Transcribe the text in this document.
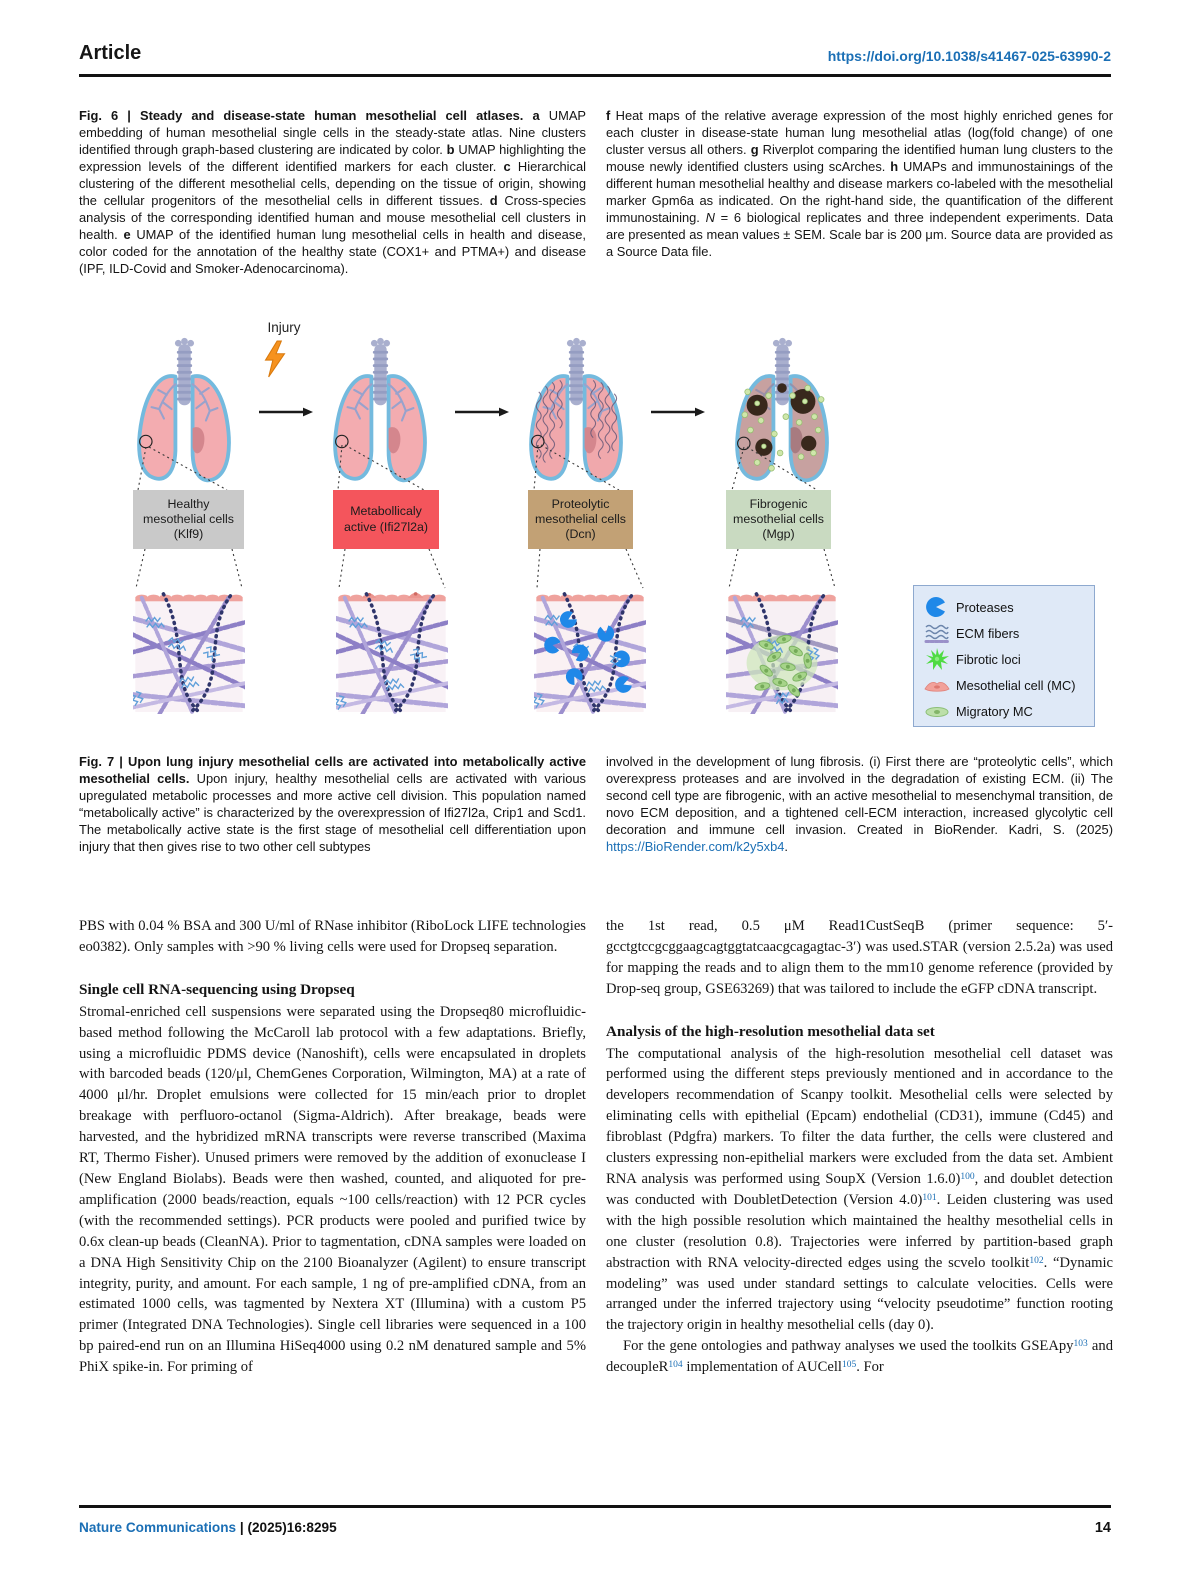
Article	https://doi.org/10.1038/s41467-025-63990-2

Fig. 6 | Steady and disease-state human mesothelial cell atlases. a UMAP embedding of human mesothelial single cells in the steady-state atlas. Nine clusters identified through graph-based clustering are indicated by color. b UMAP highlighting the expression levels of the different identified markers for each cluster. c Hierarchical clustering of the different mesothelial cells, depending on the tissue of origin, showing the cellular progenitors of the mesothelial cells in different tissues. d Cross-species analysis of the corresponding identified human and mouse mesothelial cell clusters in health. e UMAP of the identified human lung mesothelial cells in health and disease, color coded for the annotation of the healthy state (COX1+ and PTMA+) and disease (IPF, ILD-Covid and Smoker-Adenocarcinoma).

f Heat maps of the relative average expression of the most highly enriched genes for each cluster in disease-state human lung mesothelial atlas (log(fold change) of one cluster versus all others. g Riverplot comparing the identified human lung clusters to the mouse newly identified clusters using scArches. h UMAPs and immunostainings of the different human mesothelial healthy and disease markers co-labeled with the mesothelial marker Gpm6a as indicated. On the right-hand side, the quantification of the different immunostaining. N = 6 biological replicates and three independent experiments. Data are presented as mean values ± SEM. Scale bar is 200 μm. Source data are provided as a Source Data file.

Injury
Healthy mesothelial cells (Klf9)
Metabollicaly active (Ifi27l2a)
Proteolytic mesothelial cells (Dcn)
Fibrogenic mesothelial cells (Mgp)
Proteases
ECM fibers
Fibrotic loci
Mesothelial cell (MC)
Migratory MC

Fig. 7 | Upon lung injury mesothelial cells are activated into metabolically active mesothelial cells. Upon injury, healthy mesothelial cells are activated with various upregulated metabolic processes and more active cell division. This population named “metabolically active” is characterized by the overexpression of Ifi27l2a, Crip1 and Scd1. The metabolically active state is the first stage of mesothelial cell differentiation upon injury that then gives rise to two other cell subtypes

involved in the development of lung fibrosis. (i) First there are “proteolytic cells”, which overexpress proteases and are involved in the degradation of existing ECM. (ii) The second cell type are fibrogenic, with an active mesothelial to mesenchymal transition, de novo ECM deposition, and a tightened cell-ECM interaction, increased glycolytic cell decoration and immune cell invasion. Created in BioRender. Kadri, S. (2025) https://BioRender.com/k2y5xb4.

PBS with 0.04 % BSA and 300 U/ml of RNase inhibitor (RiboLock LIFE technologies eo0382). Only samples with >90 % living cells were used for Dropseq separation.

Single cell RNA-sequencing using Dropseq

Stromal-enriched cell suspensions were separated using the Dropseq80 microfluidic-based method following the McCaroll lab protocol with a few adaptations. Briefly, using a microfluidic PDMS device (Nanoshift), cells were encapsulated in droplets with barcoded beads (120/μl, ChemGenes Corporation, Wilmington, MA) at a rate of 4000 μl/hr. Droplet emulsions were collected for 15 min/each prior to droplet breakage with perfluoro-octanol (Sigma-Aldrich). After breakage, beads were harvested, and the hybridized mRNA transcripts were reverse transcribed (Maxima RT, Thermo Fisher). Unused primers were removed by the addition of exonuclease I (New England Biolabs). Beads were then washed, counted, and aliquoted for pre-amplification (2000 beads/reaction, equals ~100 cells/reaction) with 12 PCR cycles (with the recommended settings). PCR products were pooled and purified twice by 0.6x clean-up beads (CleanNA). Prior to tagmentation, cDNA samples were loaded on a DNA High Sensitivity Chip on the 2100 Bioanalyzer (Agilent) to ensure transcript integrity, purity, and amount. For each sample, 1 ng of pre-amplified cDNA, from an estimated 1000 cells, was tagmented by Nextera XT (Illumina) with a custom P5 primer (Integrated DNA Technologies). Single cell libraries were sequenced in a 100 bp paired-end run on an Illumina HiSeq4000 using 0.2 nM denatured sample and 5% PhiX spike-in. For priming of

the 1st read, 0.5 μM Read1CustSeqB (primer sequence: 5′-gcctgtccgcggaagcagtggtatcaacgcagagtac-3′) was used.STAR (version 2.5.2a) was used for mapping the reads and to align them to the mm10 genome reference (provided by Drop-seq group, GSE63269) that was tailored to include the eGFP cDNA transcript.

Analysis of the high-resolution mesothelial data set

The computational analysis of the high-resolution mesothelial cell dataset was performed using the different steps previously mentioned and in accordance to the developers recommendation of Scanpy toolkit. Mesothelial cells were selected by eliminating cells with epithelial (Epcam) endothelial (CD31), immune (Cd45) and fibroblast (Pdgfra) markers. To filter the data further, the cells were clustered and clusters expressing non-epithelial markers were excluded from the data set. Ambient RNA analysis was performed using SoupX (Version 1.6.0)$^{100}$, and doublet detection was conducted with DoubletDetection (Version 4.0)$^{101}$. Leiden clustering was used with the high possible resolution which maintained the healthy mesothelial cells in one cluster (resolution 0.8). Trajectories were inferred by partition-based graph abstraction with RNA velocity-directed edges using the scvelo toolkit$^{102}$. “Dynamic modeling” was used under standard settings to calculate velocities. Cells were arranged under the inferred trajectory using “velocity pseudotime” function rooting the trajectory origin in healthy mesothelial cells (day 0).

For the gene ontologies and pathway analyses we used the toolkits GSEApy$^{103}$ and decoupleR$^{104}$ implementation of AUCell$^{105}$. For

Nature Communications | (2025)16:8295	14
